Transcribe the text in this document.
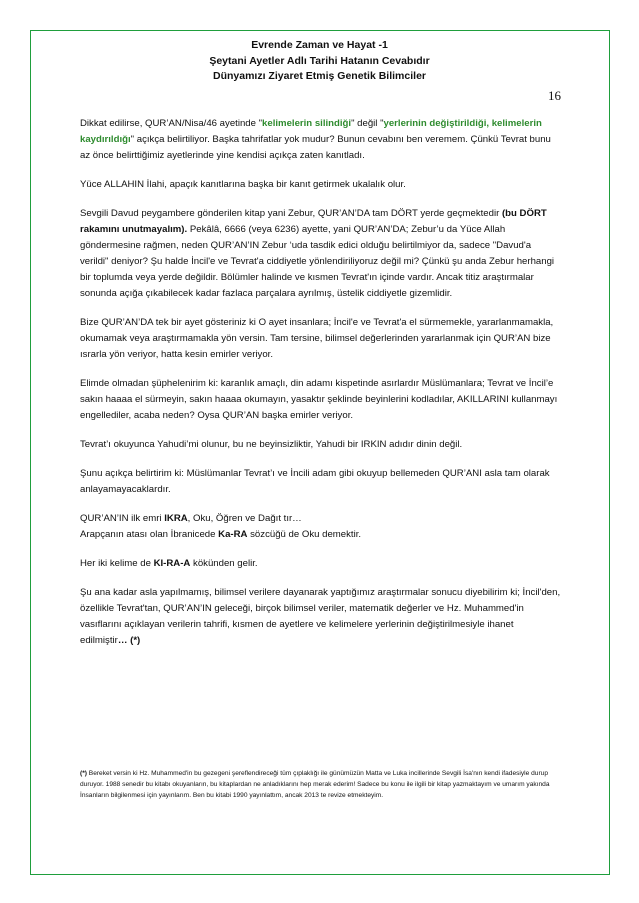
Evrende Zaman ve Hayat -1
Şeytani Ayetler Adlı Tarihi Hatanın Cevabıdır
Dünyamızı Ziyaret Etmiş Genetik Bilimciler
16

Dikkat edilirse, QUR’AN/Nisa/46 ayetinde "kelimelerin silindiği" değil "yerlerinin değiştirildiği, kelimelerin kaydırıldığı" açıkça belirtiliyor. Başka tahrifatlar yok mudur? Bunun cevabını ben veremem. Çünkü Tevrat bunu az önce belirttiğimiz ayetlerinde yine kendisi açıkça zaten kanıtladı.

Yüce ALLAHIN İlahi, apaçık kanıtlarına başka bir kanıt getirmek ukalalık olur.

Sevgili Davud peygambere gönderilen kitap yani Zebur, QUR’AN’DA tam DÖRT yerde geçmektedir (bu DÖRT rakamını unutmayalım). Pekâlâ, 6666 (veya 6236) ayette, yani QUR’AN’DA; Zebur’u da Yüce Allah göndermesine rağmen, neden QUR’AN’IN Zebur ‘uda tasdik edici olduğu belirtilmiyor da, sadece "Davud'a verildi" deniyor? Şu halde İncil'e ve Tevrat'a ciddiyetle yönlendiriliyoruz değil mi? Çünkü şu anda Zebur herhangi bir toplumda veya yerde değildir. Bölümler halinde ve kısmen Tevrat'ın içinde vardır. Ancak titiz araştırmalar sonunda açığa çıkabilecek kadar fazlaca parçalara ayrılmış, üstelik ciddiyetle gizemlidir.

Bize QUR’AN’DA tek bir ayet gösteriniz ki O ayet insanlara; İncil'e ve Tevrat'a el sürmemekle, yararlanmamakla, okumamak veya araştırmamakla yön versin. Tam tersine, bilimsel değerlerinden yararlanmak için QUR’AN bize ısrarla yön veriyor, hatta kesin emirler veriyor.

Elimde olmadan şüphelenirim ki: karanlık amaçlı, din adamı kispetinde asırlardır Müslümanlara; Tevrat ve İncil’e sakın haaaa el sürmeyin, sakın haaaa okumayın, yasaktır şeklinde beyinlerini kodladılar, AKILLARINI kullanmayı engellediler, acaba neden? Oysa QUR’AN başka emirler veriyor.

Tevrat’ı okuyunca Yahudi’mi olunur, bu ne beyinsizliktir, Yahudi bir IRKIN adıdır dinin değil.

Şunu açıkça belirtirim ki: Müslümanlar Tevrat’ı ve İncili adam gibi okuyup bellemeden QUR’ANI asla tam olarak anlayamayacaklardır.

QUR’AN’IN ilk emri IKRA, Oku, Öğren ve Dağıt tır…
Arapçanın atası olan İbranicede Ka-RA sözcüğü de Oku demektir.

Her iki kelime de KI-RA-A kökünden gelir.

Şu ana kadar asla yapılmamış, bilimsel verilere dayanarak yaptığımız araştırmalar sonucu diyebilirim ki; İncil'den, özellikle Tevrat'tan, QUR’AN’IN geleceği, birçok bilimsel veriler, matematik değerler ve Hz. Muhammed'in vasıflarını açıklayan verilerin tahrifi, kısmen de ayetlere ve kelimelere yerlerinin değiştirilmesiyle ihanet edilmiştir… (*)

(*) Bereket versin ki Hz. Muhammed'in bu gezegeni şereflendireceği tüm çıplaklığı ile günümüzün Matta ve Luka incillerinde Sevgili İsa'nın kendi ifadesiyle durup duruyor. 1988 senedir bu kitabı okuyanların, bu kitaplardan ne anladıklarını hep merak ederim! Sadece bu konu ile ilgili bir kitap yazmaktayım ve umarım yakında İnsanların bilgilenmesi için yayınlarım. Ben bu kitabi 1990 yayınlattım, ancak 2013 te revize etmekteyim.
